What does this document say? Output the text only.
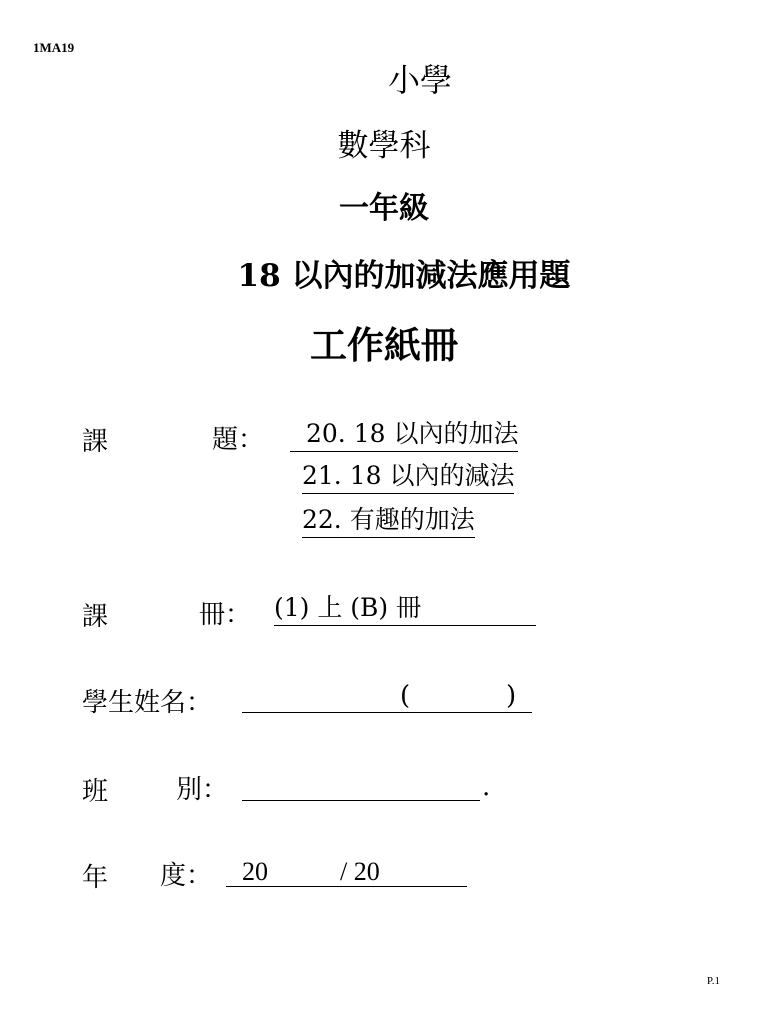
1MA19
小學
數學科
一年級
18 以內的加減法應用題
工作紙冊
課	題：	20. 18 以內的加法
21. 18 以內的減法
22. 有趣的加法
課	冊： (1) 上 (B) 冊
學生姓名：	(	)
班	別：	.
年 度： 20	/ 20
P.1
